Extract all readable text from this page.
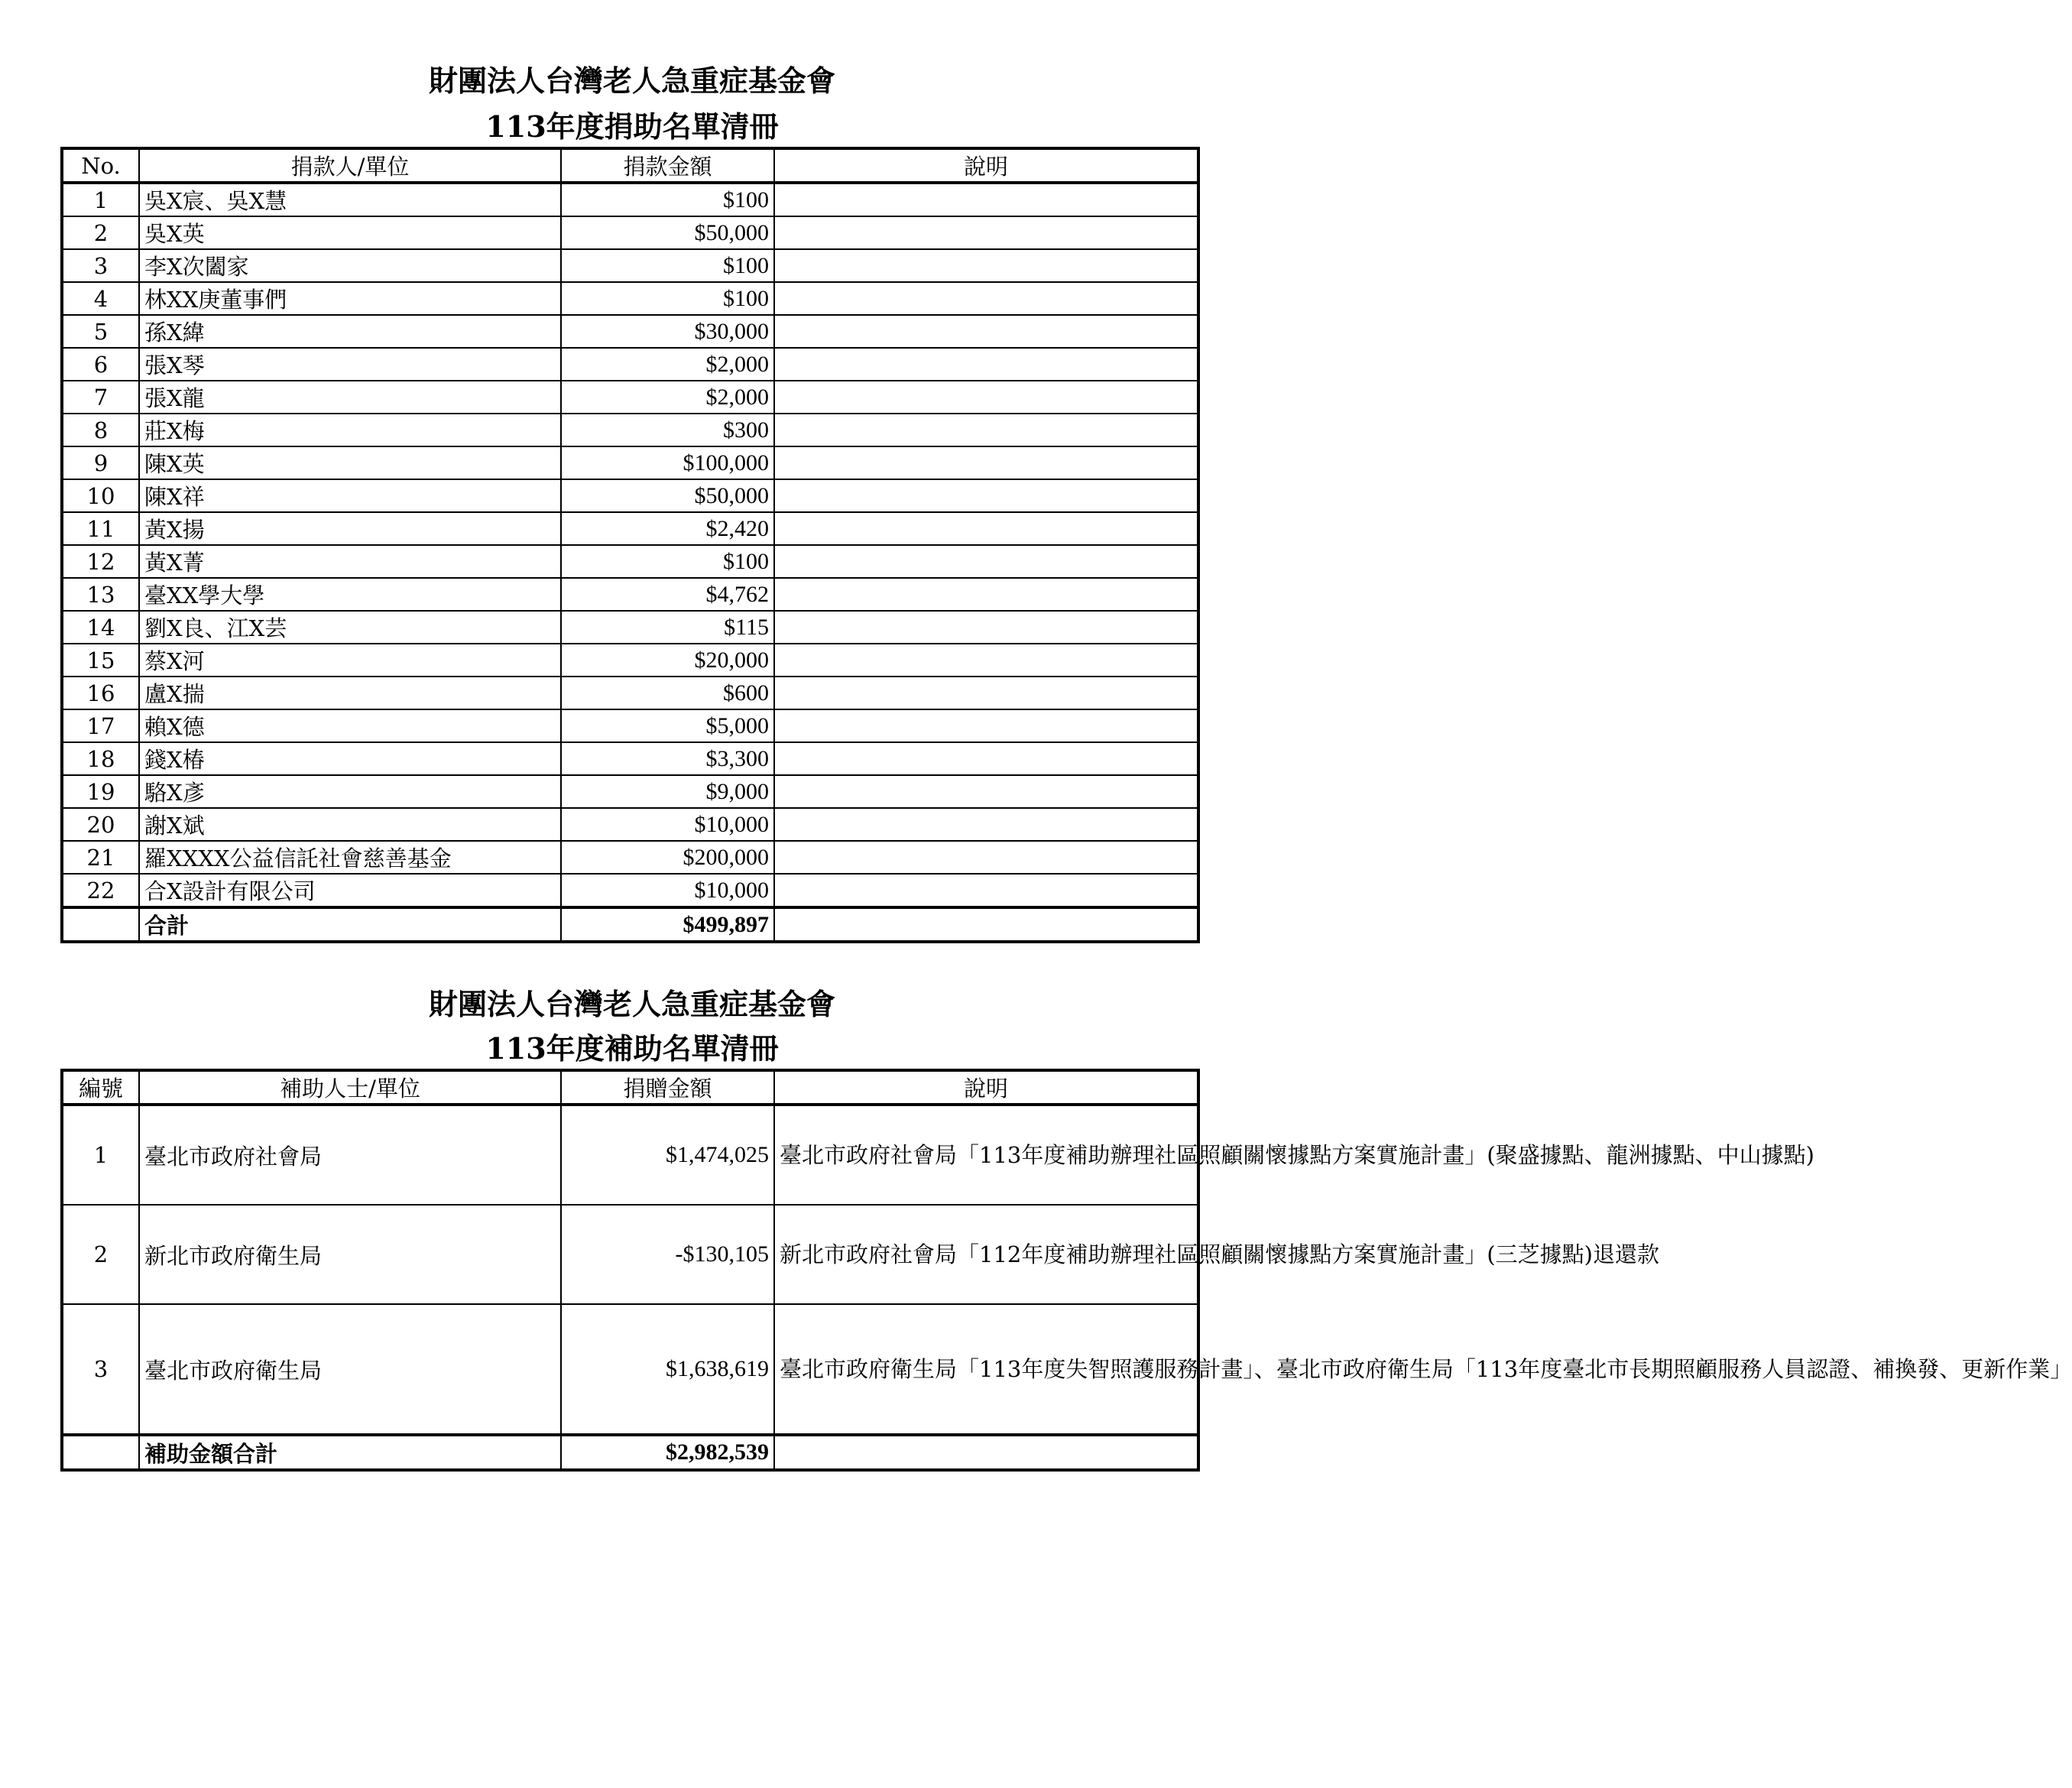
財團法人台灣老人急重症基金會
113年度捐助名單清冊
No.	捐款人/單位	捐款金額	說明
1	吳X宸、吳X慧	$100	
2	吳X英	$50,000	
3	李X次闔家	$100	
4	林XX庚董事們	$100	
5	孫X緯	$30,000	
6	張X琴	$2,000	
7	張X龍	$2,000	
8	莊X梅	$300	
9	陳X英	$100,000	
10	陳X祥	$50,000	
11	黃X揚	$2,420	
12	黃X菁	$100	
13	臺XX學大學	$4,762	
14	劉X良、江X芸	$115	
15	蔡X河	$20,000	
16	盧X揣	$600	
17	賴X德	$5,000	
18	錢X椿	$3,300	
19	駱X彥	$9,000	
20	謝X斌	$10,000	
21	羅XXXX公益信託社會慈善基金	$200,000	
22	合X設計有限公司	$10,000	
	合計	$499,897	
財團法人台灣老人急重症基金會
113年度補助名單清冊
編號	補助人士/單位	捐贈金額	說明
1	臺北市政府社會局	$1,474,025	臺北市政府社會局「113年度補助辦理社區照顧關懷據點方案實施計畫」(聚盛據點、龍洲據點、中山據點)
2	新北市政府衛生局	-$130,105	新北市政府社會局「112年度補助辦理社區照顧關懷據點方案實施計畫」(三芝據點)退還款
3	臺北市政府衛生局	$1,638,619	臺北市政府衛生局「113年度失智照護服務計畫」、臺北市政府衛生局「113年度臺北市長期照顧服務人員認證、補換發、更新作業」
	補助金額合計	$2,982,539	
